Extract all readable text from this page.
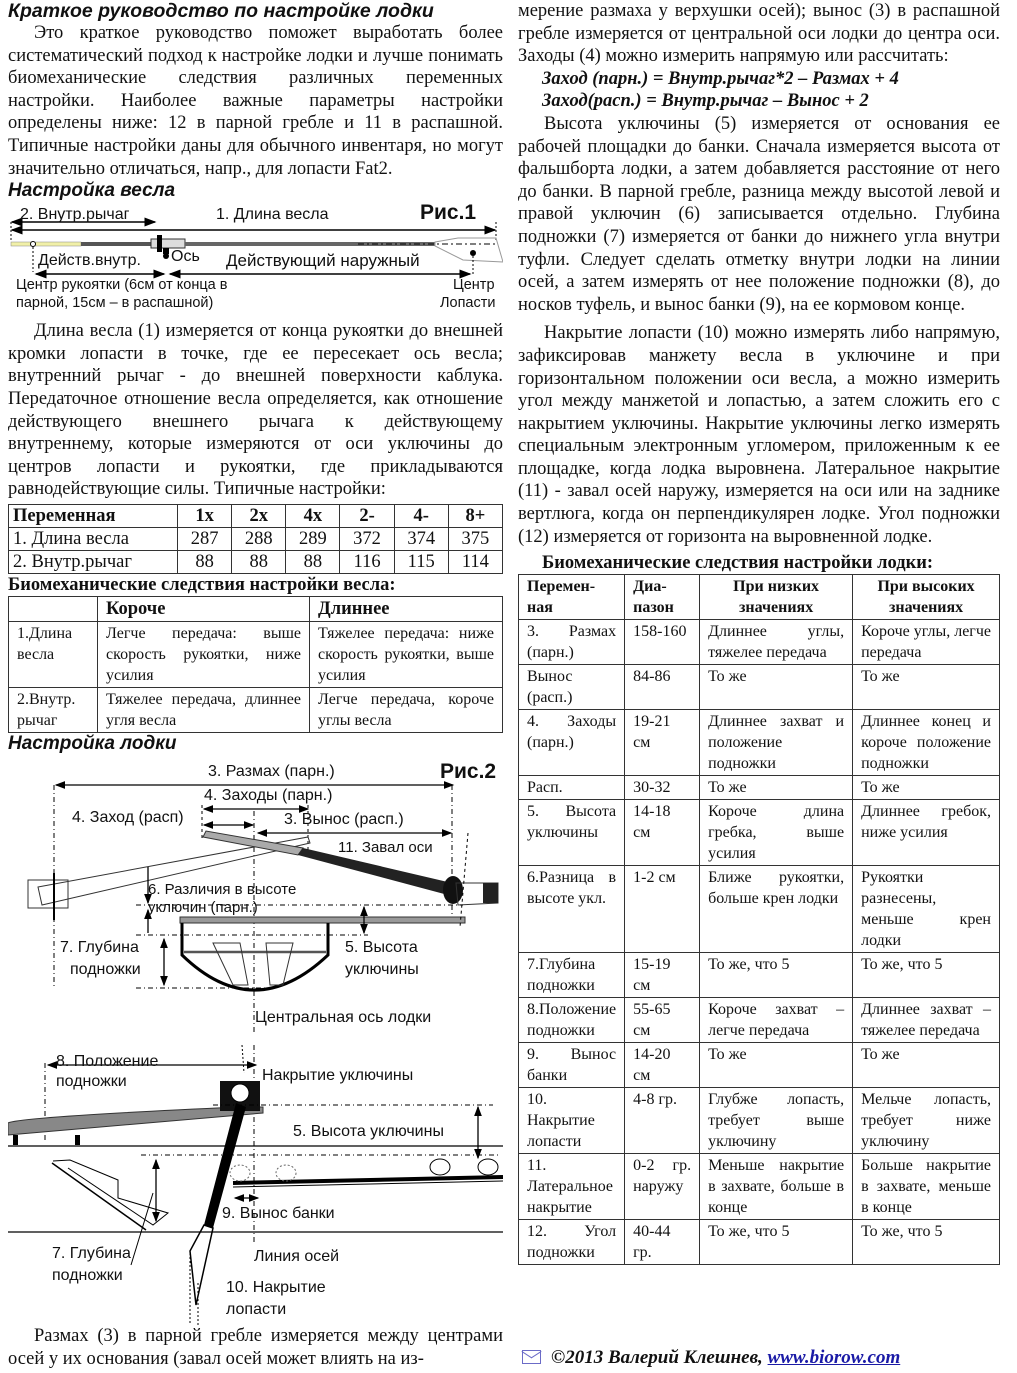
Краткое руководство по настройке лодки

Это краткое руководство поможет выработать более систематический подход к настройке лодки и лучше понимать биомеханические следствия различных переменных настройки. Наиболее важные параметры настройки определены ниже: 12 в парной гребле и 11 в распашной. Типичные настройки даны для обычного инвентаря, но могут значительно отличаться, напр., для лопасти Fat2.

Настройка весла
2. Внутр.рычаг	1. Длина весла	Рис.1
Действ.внутр. Ось Действующий наружный
Центр рукоятки (6см от конца в
парной, 15см – в распашной)
Центр
Лопасти

Длина весла (1) измеряется от конца рукоятки до внешней кромки лопасти в точке, где ее пересекает ось весла; внутренний рычаг - до внешней поверхности каблука. Передаточное отношение весла определяется, как отношение действующего внешнего рычага к действующему внутреннему, которые измеряются от оси уключины до центров лопасти и рукоятки, где прикладываются равнодействующие силы. Типичные настройки:

Переменная	1x	2x	4x	2-	4-	8+
1. Длина весла	287	288	289	372	374	375
2. Внутр.рычаг	88	88	88	116	115	114
Биомеханические следствия настройки весла:
	Короче	Длиннее
1.Длина весла	Легче передача: выше скорость рукоятки, ниже усилия	Тяжелее передача: ниже скорость рукоятки, выше усилия
2.Внутр. рычаг	Тяжелее передача, длиннее угля весла	Легче передача, короче углы весла
Настройка лодки
3. Размах (парн.)	Рис.2
4. Заходы (парн.)
4. Заход (расп)	3. Вынос (расп.)
11. Завал оси
6. Различия в высоте
уключин (парн.)
7. Глубина
подножки
5. Высота
уключины
Центральная ось лодки
8. Положение
подножки	Накрытие уключины
5. Высота уключины
9. Вынос банки
Линия осей
7. Глубина
подножки
10. Накрытие
лопасти

Размах (3) в парной гребле измеряется между центрами осей у их основания (завал осей может влиять на из-

мерение размаха у верхушки осей); вынос (3) в распашной гребле измеряется от центральной оси лодки до центра оси. Заходы (4) можно измерить напрямую или рассчитать:

Заход (парн.) = Внутр.рычаг*2 – Размах + 4
Заход(расп.) = Внутр.рычаг – Вынос + 2

Высота уключины (5) измеряется от основания ее рабочей площадки до банки. Сначала измеряется высота от фальшборта лодки, а затем добавляется расстояние от него до банки. В парной гребле, разница между высотой левой и правой уключин (6) записывается отдельно. Глубина подножки (7) измеряется от банки до нижнего угла внутри туфли. Следует сделать отметку внутри лодки на линии осей, а затем измерять от нее положение подножки (8), до носков туфель, и вынос банки (9), на ее кормовом конце.

Накрытие лопасти (10) можно измерять либо напрямую, зафиксировав манжету весла в уключине и при горизонтальном положении оси весла, а можно измерить угол между манжетой и лопастью, а затем сложить его с накрытием уключины. Накрытие уключины легко измерять специальным электронным угломером, приложенным к ее площадке, когда лодка выровнена. Латеральное накрытие (11) - завал осей наружу, измеряется на оси или на заднике вертлюга, когда он перпендикулярен лодке. Угол подножки (12) измеряется от горизонта на выровненной лодке.

Биомеханические следствия настройки лодки:
Перемен-ная	Диа-пазон	При низких значениях	При высоких значениях
3. Размах (парн.)	158-160	Длиннее углы, тяжелее передача	Короче углы, легче передача
Вынос (расп.)	84-86	То же	То же
4. Заходы (парн.)	19-21 см	Длиннее захват и положение подножки	Длиннее конец и короче положение подножки
Расп.	30-32	То же	То же
5. Высота уключины	14-18 см	Короче длина гребка, выше усилия	Длиннее гребок, ниже усилия
6.Разница в высоте укл.	1-2 см	Ближе рукоятки, больше крен лодки	Рукоятки разнесены, меньше крен лодки
7.Глубина подножки	15-19 см	То же, что 5	То же, что 5
8.Положение подножки	55-65 см	Короче захват – легче передача	Длиннее захват – тяжелее передача
9. Вынос банки	14-20 см	То же	То же
10. Накрытие лопасти	4-8 гр.	Глубже лопасть, требует выше уключину	Мельче лопасть, требует ниже уключину
11. Латеральное накрытие	0-2 гр. наружу	Меньше накрытие в захвате, больше в конце	Больше накрытие в захвате, меньше в конце
12. Угол подножки	40-44 гр.	То же, что 5	То же, что 5
©2013 Валерий Клешнев, www.biorow.com
